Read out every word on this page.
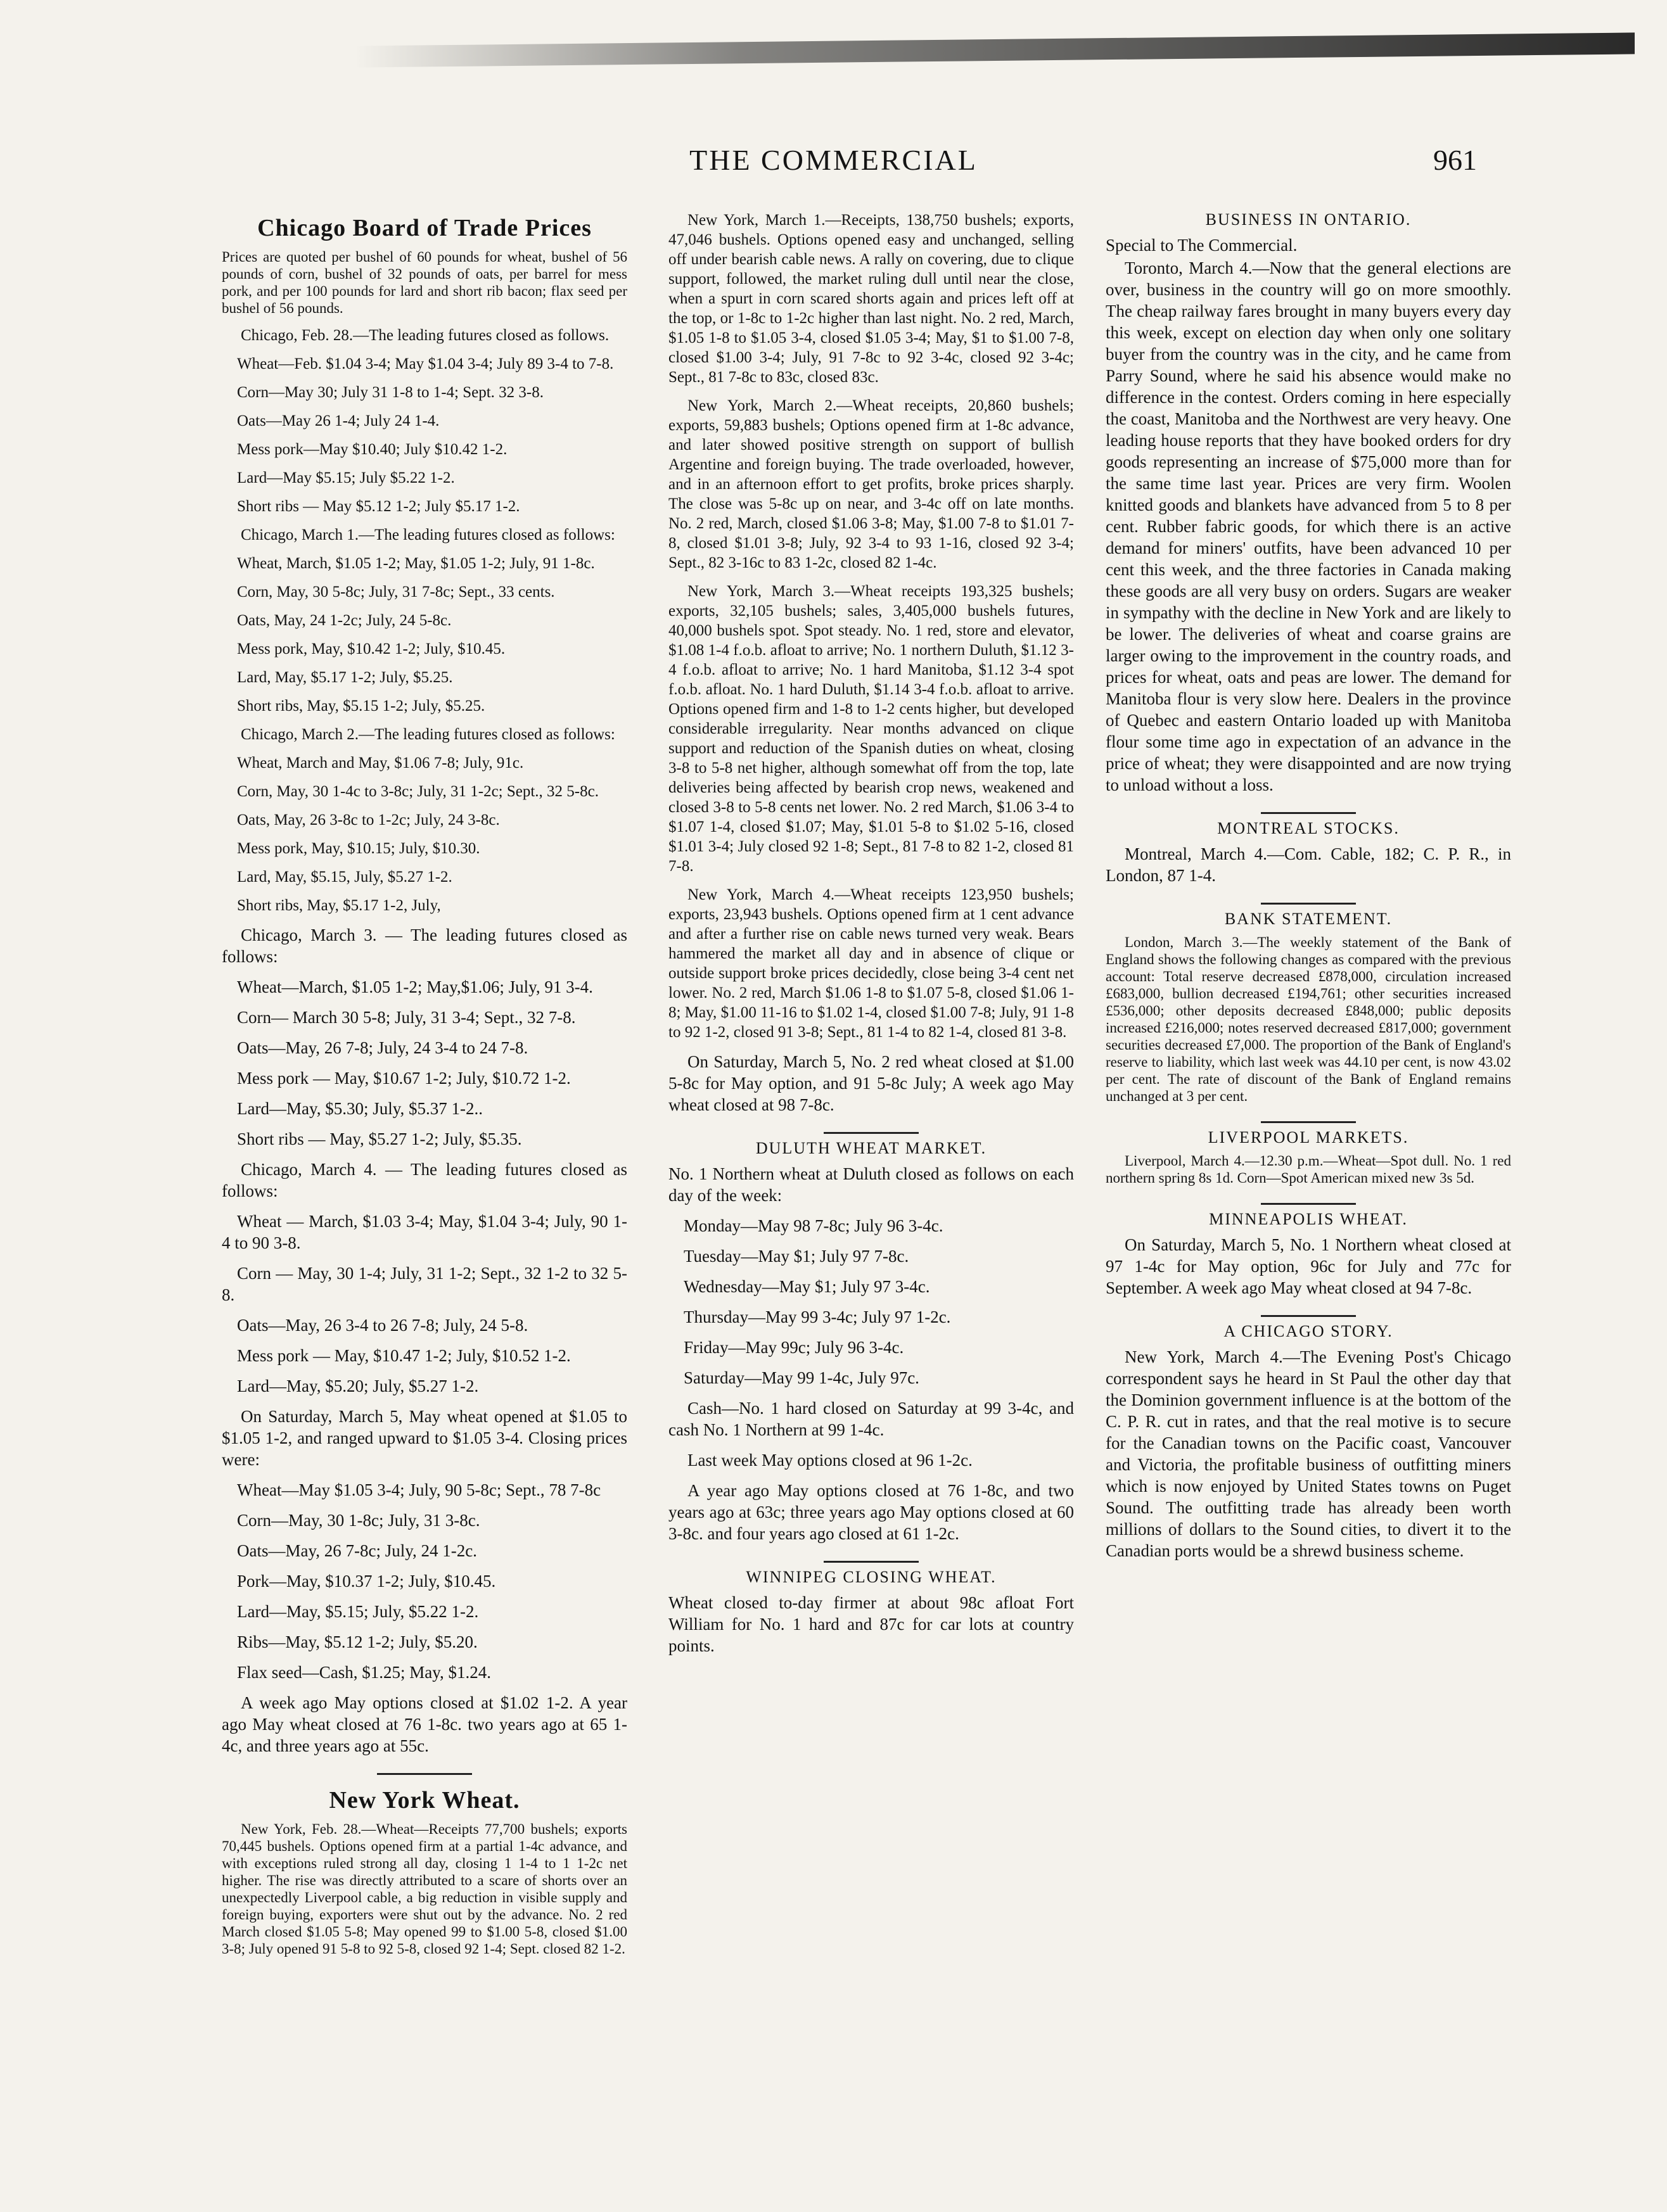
THE COMMERCIAL	961
Chicago Board of Trade Prices

Prices are quoted per bushel of 60 pounds for wheat, bushel of 56 pounds of corn, bushel of 32 pounds of oats, per barrel for mess pork, and per 100 pounds for lard and short rib bacon; flax seed per bushel of 56 pounds.

Chicago, Feb. 28.—The leading futures closed as follows.

Wheat—Feb. $1.04 3-4; May $1.04 3-4; July 89 3-4 to 7-8.

Corn—May 30; July 31 1-8 to 1-4; Sept. 32 3-8.

Oats—May 26 1-4; July 24 1-4.

Mess pork—May $10.40; July $10.42 1-2.

Lard—May $5.15; July $5.22 1-2.

Short ribs — May $5.12 1-2; July $5.17 1-2.

Chicago, March 1.—The leading futures closed as follows:

Wheat, March, $1.05 1-2; May, $1.05 1-2; July, 91 1-8c.

Corn, May, 30 5-8c; July, 31 7-8c; Sept., 33 cents.

Oats, May, 24 1-2c; July, 24 5-8c.

Mess pork, May, $10.42 1-2; July, $10.45.

Lard, May, $5.17 1-2; July, $5.25.

Short ribs, May, $5.15 1-2; July, $5.25.

Chicago, March 2.—The leading futures closed as follows:

Wheat, March and May, $1.06 7-8; July, 91c.

Corn, May, 30 1-4c to 3-8c; July, 31 1-2c; Sept., 32 5-8c.

Oats, May, 26 3-8c to 1-2c; July, 24 3-8c.

Mess pork, May, $10.15; July, $10.30.

Lard, May, $5.15, July, $5.27 1-2.

Short ribs, May, $5.17 1-2, July,

Chicago, March 3. — The leading futures closed as follows:

Wheat—March, $1.05 1-2; May,$1.06; July, 91 3-4.

Corn— March 30 5-8; July, 31 3-4; Sept., 32 7-8.

Oats—May, 26 7-8; July, 24 3-4 to 24 7-8.

Mess pork — May, $10.67 1-2; July, $10.72 1-2.

Lard—May, $5.30; July, $5.37 1-2..

Short ribs — May, $5.27 1-2; July, $5.35.

Chicago, March 4. — The leading futures closed as follows:

Wheat — March, $1.03 3-4; May, $1.04 3-4; July, 90 1-4 to 90 3-8.

Corn — May, 30 1-4; July, 31 1-2; Sept., 32 1-2 to 32 5-8.

Oats—May, 26 3-4 to 26 7-8; July, 24 5-8.

Mess pork — May, $10.47 1-2; July, $10.52 1-2.

Lard—May, $5.20; July, $5.27 1-2.

On Saturday, March 5, May wheat opened at $1.05 to $1.05 1-2, and ranged upward to $1.05 3-4. Closing prices were:

Wheat—May $1.05 3-4; July, 90 5-8c; Sept., 78 7-8c

Corn—May, 30 1-8c; July, 31 3-8c.

Oats—May, 26 7-8c; July, 24 1-2c.

Pork—May, $10.37 1-2; July, $10.45.

Lard—May, $5.15; July, $5.22 1-2.

Ribs—May, $5.12 1-2; July, $5.20.

Flax seed—Cash, $1.25; May, $1.24.

A week ago May options closed at $1.02 1-2. A year ago May wheat closed at 76 1-8c. two years ago at 65 1-4c, and three years ago at 55c.

New York Wheat.

New York, Feb. 28.—Wheat—Receipts 77,700 bushels; exports 70,445 bushels. Options opened firm at a partial 1-4c advance, and with exceptions ruled strong all day, closing 1 1-4 to 1 1-2c net higher. The rise was directly attributed to a scare of shorts over an unexpectedly Liverpool cable, a big reduction in visible supply and foreign buying, exporters were shut out by the advance. No. 2 red March closed $1.05 5-8; May opened 99 to $1.00 5-8, closed $1.00 3-8; July opened 91 5-8 to 92 5-8, closed 92 1-4; Sept. closed 82 1-2.

New York, March 1.—Receipts, 138,750 bushels; exports, 47,046 bushels. Options opened easy and unchanged, selling off under bearish cable news. A rally on covering, due to clique support, followed, the market ruling dull until near the close, when a spurt in corn scared shorts again and prices left off at the top, or 1-8c to 1-2c higher than last night. No. 2 red, March, $1.05 1-8 to $1.05 3-4, closed $1.05 3-4; May, $1 to $1.00 7-8, closed $1.00 3-4; July, 91 7-8c to 92 3-4c, closed 92 3-4c; Sept., 81 7-8c to 83c, closed 83c.

New York, March 2.—Wheat receipts, 20,860 bushels; exports, 59,883 bushels; Options opened firm at 1-8c advance, and later showed positive strength on support of bullish Argentine and foreign buying. The trade overloaded, however, and in an afternoon effort to get profits, broke prices sharply. The close was 5-8c up on near, and 3-4c off on late months. No. 2 red, March, closed $1.06 3-8; May, $1.00 7-8 to $1.01 7-8, closed $1.01 3-8; July, 92 3-4 to 93 1-16, closed 92 3-4; Sept., 82 3-16c to 83 1-2c, closed 82 1-4c.

New York, March 3.—Wheat receipts 193,325 bushels; exports, 32,105 bushels; sales, 3,405,000 bushels futures, 40,000 bushels spot. Spot steady. No. 1 red, store and elevator, $1.08 1-4 f.o.b. afloat to arrive; No. 1 northern Duluth, $1.12 3-4 f.o.b. afloat to arrive; No. 1 hard Manitoba, $1.12 3-4 spot f.o.b. afloat. No. 1 hard Duluth, $1.14 3-4 f.o.b. afloat to arrive. Options opened firm and 1-8 to 1-2 cents higher, but developed considerable irregularity. Near months advanced on clique support and reduction of the Spanish duties on wheat, closing 3-8 to 5-8 net higher, although somewhat off from the top, late deliveries being affected by bearish crop news, weakened and closed 3-8 to 5-8 cents net lower. No. 2 red March, $1.06 3-4 to $1.07 1-4, closed $1.07; May, $1.01 5-8 to $1.02 5-16, closed $1.01 3-4; July closed 92 1-8; Sept., 81 7-8 to 82 1-2, closed 81 7-8.

New York, March 4.—Wheat receipts 123,950 bushels; exports, 23,943 bushels. Options opened firm at 1 cent advance and after a further rise on cable news turned very weak. Bears hammered the market all day and in absence of clique or outside support broke prices decidedly, close being 3-4 cent net lower. No. 2 red, March $1.06 1-8 to $1.07 5-8, closed $1.06 1-8; May, $1.00 11-16 to $1.02 1-4, closed $1.00 7-8; July, 91 1-8 to 92 1-2, closed 91 3-8; Sept., 81 1-4 to 82 1-4, closed 81 3-8.

On Saturday, March 5, No. 2 red wheat closed at $1.00 5-8c for May option, and 91 5-8c July; A week ago May wheat closed at 98 7-8c.

DULUTH WHEAT MARKET.

No. 1 Northern wheat at Duluth closed as follows on each day of the week:

Monday—May 98 7-8c; July 96 3-4c.

Tuesday—May $1; July 97 7-8c.

Wednesday—May $1; July 97 3-4c.

Thursday—May 99 3-4c; July 97 1-2c.

Friday—May 99c; July 96 3-4c.

Saturday—May 99 1-4c, July 97c.

Cash—No. 1 hard closed on Saturday at 99 3-4c, and cash No. 1 Northern at 99 1-4c.

Last week May options closed at 96 1-2c.

A year ago May options closed at 76 1-8c, and two years ago at 63c; three years ago May options closed at 60 3-8c. and four years ago closed at 61 1-2c.

WINNIPEG CLOSING WHEAT.

Wheat closed to-day firmer at about 98c afloat Fort William for No. 1 hard and 87c for car lots at country points.

BUSINESS IN ONTARIO.

Special to The Commercial.

Toronto, March 4.—Now that the general elections are over, business in the country will go on more smoothly. The cheap railway fares brought in many buyers every day this week, except on election day when only one solitary buyer from the country was in the city, and he came from Parry Sound, where he said his absence would make no difference in the contest. Orders coming in here especially the coast, Manitoba and the Northwest are very heavy. One leading house reports that they have booked orders for dry goods representing an increase of $75,000 more than for the same time last year. Prices are very firm. Woolen knitted goods and blankets have advanced from 5 to 8 per cent. Rubber fabric goods, for which there is an active demand for miners' outfits, have been advanced 10 per cent this week, and the three factories in Canada making these goods are all very busy on orders. Sugars are weaker in sympathy with the decline in New York and are likely to be lower. The deliveries of wheat and coarse grains are larger owing to the improvement in the country roads, and prices for wheat, oats and peas are lower. The demand for Manitoba flour is very slow here. Dealers in the province of Quebec and eastern Ontario loaded up with Manitoba flour some time ago in expectation of an advance in the price of wheat; they were disappointed and are now trying to unload without a loss.

MONTREAL STOCKS.

Montreal, March 4.—Com. Cable, 182; C. P. R., in London, 87 1-4.

BANK STATEMENT.

London, March 3.—The weekly statement of the Bank of England shows the following changes as compared with the previous account: Total reserve decreased £878,000, circulation increased £683,000, bullion decreased £194,761; other securities increased £536,000; other deposits decreased £848,000; public deposits increased £216,000; notes reserved decreased £817,000; government securities decreased £7,000. The proportion of the Bank of England's reserve to liability, which last week was 44.10 per cent, is now 43.02 per cent. The rate of discount of the Bank of England remains unchanged at 3 per cent.

LIVERPOOL MARKETS.

Liverpool, March 4.—12.30 p.m.—Wheat—Spot dull. No. 1 red northern spring 8s 1d. Corn—Spot American mixed new 3s 5d.

MINNEAPOLIS WHEAT.

On Saturday, March 5, No. 1 Northern wheat closed at 97 1-4c for May option, 96c for July and 77c for September. A week ago May wheat closed at 94 7-8c.

A CHICAGO STORY.

New York, March 4.—The Evening Post's Chicago correspondent says he heard in St Paul the other day that the Dominion government influence is at the bottom of the C. P. R. cut in rates, and that the real motive is to secure for the Canadian towns on the Pacific coast, Vancouver and Victoria, the profitable business of outfitting miners which is now enjoyed by United States towns on Puget Sound. The outfitting trade has already been worth millions of dollars to the Sound cities, to divert it to the Canadian ports would be a shrewd business scheme.
